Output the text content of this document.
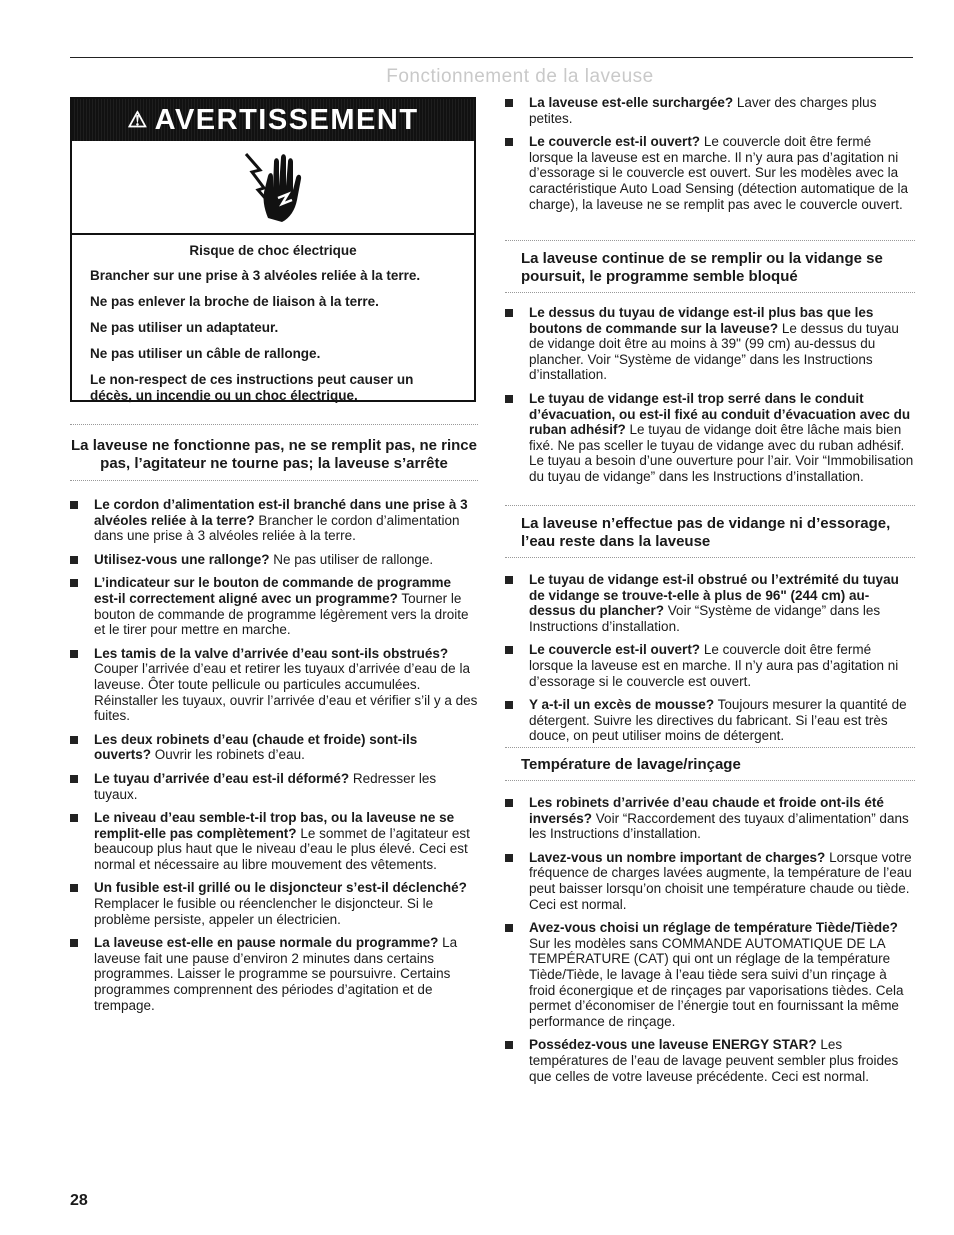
Fonctionnement de la laveuse
⚠ AVERTISSEMENT
Risque de choc électrique

Brancher sur une prise à 3 alvéoles reliée à la terre.

Ne pas enlever la broche de liaison à la terre.

Ne pas utiliser un adaptateur.

Ne pas utiliser un câble de rallonge.

Le non-respect de ces instructions peut causer un décès, un incendie ou un choc électrique.

La laveuse ne fonctionne pas, ne se remplit pas, ne rince pas, l’agitateur ne tourne pas; la laveuse s’arrête
Le cordon d’alimentation est-il branché dans une prise à 3 alvéoles reliée à la terre? Brancher le cordon d’alimentation dans une prise à 3 alvéoles reliée à la terre.
Utilisez-vous une rallonge? Ne pas utiliser de rallonge.
L’indicateur sur le bouton de commande de programme est-il correctement aligné avec un programme? Tourner le bouton de commande de programme légèrement vers la droite et le tirer pour mettre en marche.
Les tamis de la valve d’arrivée d’eau sont-ils obstrués? Couper l’arrivée d’eau et retirer les tuyaux d’arrivée d’eau de la laveuse. Ôter toute pellicule ou particules accumulées. Réinstaller les tuyaux, ouvrir l’arrivée d’eau et vérifier s’il y a des fuites.
Les deux robinets d’eau (chaude et froide) sont-ils ouverts? Ouvrir les robinets d’eau.
Le tuyau d’arrivée d’eau est-il déformé? Redresser les tuyaux.
Le niveau d’eau semble-t-il trop bas, ou la laveuse ne se remplit-elle pas complètement? Le sommet de l’agitateur est beaucoup plus haut que le niveau d’eau le plus élevé. Ceci est normal et nécessaire au libre mouvement des vêtements.
Un fusible est-il grillé ou le disjoncteur s’est-il déclenché? Remplacer le fusible ou réenclencher le disjoncteur. Si le problème persiste, appeler un électricien.
La laveuse est-elle en pause normale du programme? La laveuse fait une pause d’environ 2 minutes dans certains programmes. Laisser le programme se poursuivre. Certains programmes comprennent des périodes d’agitation et de trempage.
La laveuse est-elle surchargée? Laver des charges plus petites.
Le couvercle est-il ouvert? Le couvercle doit être fermé lorsque la laveuse est en marche. Il n’y aura pas d’agitation ni d’essorage si le couvercle est ouvert. Sur les modèles avec la caractéristique Auto Load Sensing (détection automatique de la charge), la laveuse ne se remplit pas avec le couvercle ouvert.
La laveuse continue de se remplir ou la vidange se poursuit, le programme semble bloqué
Le dessus du tuyau de vidange est-il plus bas que les boutons de commande sur la laveuse? Le dessus du tuyau de vidange doit être au moins à 39" (99 cm) au-dessus du plancher. Voir “Système de vidange” dans les Instructions d’installation.
Le tuyau de vidange est-il trop serré dans le conduit d’évacuation, ou est-il fixé au conduit d’évacuation avec du ruban adhésif? Le tuyau de vidange doit être lâche mais bien fixé. Ne pas sceller le tuyau de vidange avec du ruban adhésif. Le tuyau a besoin d’une ouverture pour l’air. Voir “Immobilisation du tuyau de vidange” dans les Instructions d’installation.
La laveuse n’effectue pas de vidange ni d’essorage, l’eau reste dans la laveuse
Le tuyau de vidange est-il obstrué ou l’extrémité du tuyau de vidange se trouve-t-elle à plus de 96" (244 cm) au-dessus du plancher? Voir “Système de vidange” dans les Instructions d’installation.
Le couvercle est-il ouvert? Le couvercle doit être fermé lorsque la laveuse est en marche. Il n’y aura pas d’agitation ni d’essorage si le couvercle est ouvert.
Y a-t-il un excès de mousse? Toujours mesurer la quantité de détergent. Suivre les directives du fabricant. Si l’eau est très douce, on peut utiliser moins de détergent.
Température de lavage/rinçage
Les robinets d’arrivée d’eau chaude et froide ont-ils été inversés? Voir “Raccordement des tuyaux d’alimentation” dans les Instructions d’installation.
Lavez-vous un nombre important de charges? Lorsque votre fréquence de charges lavées augmente, la température de l’eau peut baisser lorsqu’on choisit une température chaude ou tiède. Ceci est normal.
Avez-vous choisi un réglage de température Tiède/Tiède? Sur les modèles sans COMMANDE AUTOMATIQUE DE LA TEMPÉRATURE (CAT) qui ont un réglage de la température Tiède/Tiède, le lavage à l’eau tiède sera suivi d’un rinçage à froid éconergique et de rinçages par vaporisations tièdes. Cela permet d’économiser de l’énergie tout en fournissant la même performance de rinçage.
Possédez-vous une laveuse ENERGY STAR? Les températures de l’eau de lavage peuvent sembler plus froides que celles de votre laveuse précédente. Ceci est normal.
28
